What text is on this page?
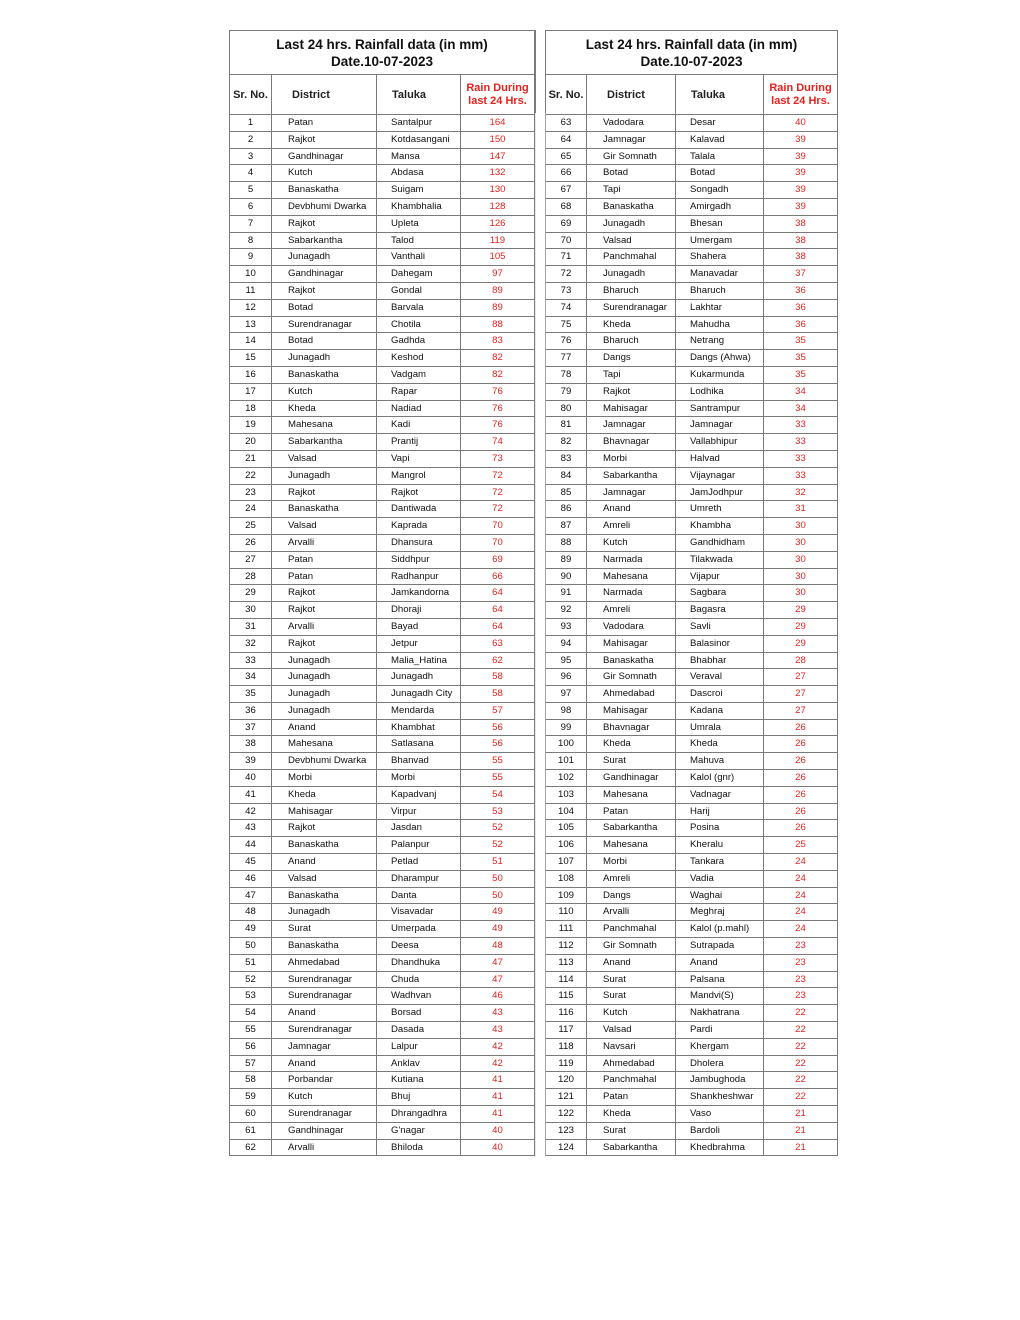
Last 24 hrs. Rainfall data (in mm)
Date.10-07-2023			

Sr. No.	District	Taluka	Rain During last 24 Hrs.
1	Patan	Santalpur	164
2	Rajkot	Kotdasangani	150
3	Gandhinagar	Mansa	147
4	Kutch	Abdasa	132
5	Banaskatha	Suigam	130
6	Devbhumi Dwarka	Khambhalia	128
7	Rajkot	Upleta	126
8	Sabarkantha	Talod	119
9	Junagadh	Vanthali	105
10	Gandhinagar	Dahegam	97
11	Rajkot	Gondal	89
12	Botad	Barvala	89
13	Surendranagar	Chotila	88
14	Botad	Gadhda	83
15	Junagadh	Keshod	82
16	Banaskatha	Vadgam	82
17	Kutch	Rapar	76
18	Kheda	Nadiad	76
19	Mahesana	Kadi	76
20	Sabarkantha	Prantij	74
21	Valsad	Vapi	73
22	Junagadh	Mangrol	72
23	Rajkot	Rajkot	72
24	Banaskatha	Dantiwada	72
25	Valsad	Kaprada	70
26	Arvalli	Dhansura	70
27	Patan	Siddhpur	69
28	Patan	Radhanpur	66
29	Rajkot	Jamkandorna	64
30	Rajkot	Dhoraji	64
31	Arvalli	Bayad	64
32	Rajkot	Jetpur	63
33	Junagadh	Malia_Hatina	62
34	Junagadh	Junagadh	58
35	Junagadh	Junagadh City	58
36	Junagadh	Mendarda	57
37	Anand	Khambhat	56
38	Mahesana	Satlasana	56
39	Devbhumi Dwarka	Bhanvad	55
40	Morbi	Morbi	55
41	Kheda	Kapadvanj	54
42	Mahisagar	Virpur	53
43	Rajkot	Jasdan	52
44	Banaskatha	Palanpur	52
45	Anand	Petlad	51
46	Valsad	Dharampur	50
47	Banaskatha	Danta	50
48	Junagadh	Visavadar	49
49	Surat	Umerpada	49
50	Banaskatha	Deesa	48
51	Ahmedabad	Dhandhuka	47
52	Surendranagar	Chuda	47
53	Surendranagar	Wadhvan	46
54	Anand	Borsad	43
55	Surendranagar	Dasada	43
56	Jamnagar	Lalpur	42
57	Anand	Anklav	42
58	Porbandar	Kutiana	41
59	Kutch	Bhuj	41
60	Surendranagar	Dhrangadhra	41
61	Gandhinagar	G'nagar	40
62	Arvalli	Bhiloda	40
Last 24 hrs. Rainfall data (in mm)
Date.10-07-2023			

Sr. No.	District	Taluka	Rain During last 24 Hrs.
63	Vadodara	Desar	40
64	Jamnagar	Kalavad	39
65	Gir Somnath	Talala	39
66	Botad	Botad	39
67	Tapi	Songadh	39
68	Banaskatha	Amirgadh	39
69	Junagadh	Bhesan	38
70	Valsad	Umergam	38
71	Panchmahal	Shahera	38
72	Junagadh	Manavadar	37
73	Bharuch	Bharuch	36
74	Surendranagar	Lakhtar	36
75	Kheda	Mahudha	36
76	Bharuch	Netrang	35
77	Dangs	Dangs (Ahwa)	35
78	Tapi	Kukarmunda	35
79	Rajkot	Lodhika	34
80	Mahisagar	Santrampur	34
81	Jamnagar	Jamnagar	33
82	Bhavnagar	Vallabhipur	33
83	Morbi	Halvad	33
84	Sabarkantha	Vijaynagar	33
85	Jamnagar	JamJodhpur	32
86	Anand	Umreth	31
87	Amreli	Khambha	30
88	Kutch	Gandhidham	30
89	Narmada	Tilakwada	30
90	Mahesana	Vijapur	30
91	Narmada	Sagbara	30
92	Amreli	Bagasra	29
93	Vadodara	Savli	29
94	Mahisagar	Balasinor	29
95	Banaskatha	Bhabhar	28
96	Gir Somnath	Veraval	27
97	Ahmedabad	Dascroi	27
98	Mahisagar	Kadana	27
99	Bhavnagar	Umrala	26
100	Kheda	Kheda	26
101	Surat	Mahuva	26
102	Gandhinagar	Kalol (gnr)	26
103	Mahesana	Vadnagar	26
104	Patan	Harij	26
105	Sabarkantha	Posina	26
106	Mahesana	Kheralu	25
107	Morbi	Tankara	24
108	Amreli	Vadia	24
109	Dangs	Waghai	24
110	Arvalli	Meghraj	24
111	Panchmahal	Kalol (p.mahl)	24
112	Gir Somnath	Sutrapada	23
113	Anand	Anand	23
114	Surat	Palsana	23
115	Surat	Mandvi(S)	23
116	Kutch	Nakhatrana	22
117	Valsad	Pardi	22
118	Navsari	Khergam	22
119	Ahmedabad	Dholera	22
120	Panchmahal	Jambughoda	22
121	Patan	Shankheshwar	22
122	Kheda	Vaso	21
123	Surat	Bardoli	21
124	Sabarkantha	Khedbrahma	21
